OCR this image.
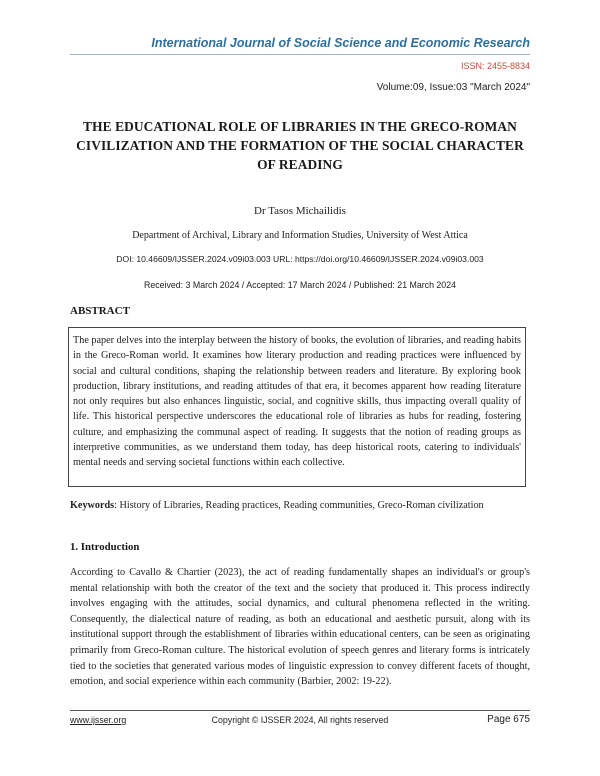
International Journal of Social Science and Economic Research
ISSN: 2455-8834
Volume:09, Issue:03 "March 2024"
THE EDUCATIONAL ROLE OF LIBRARIES IN THE GRECO-ROMAN CIVILIZATION AND THE FORMATION OF THE SOCIAL CHARACTER OF READING
Dr Tasos Michailidis
Department of Archival, Library and Information Studies, University of West Attica
DOI: 10.46609/IJSSER.2024.v09i03.003 URL: https://doi.org/10.46609/IJSSER.2024.v09i03.003
Received: 3 March 2024 / Accepted: 17 March 2024 / Published: 21 March 2024
ABSTRACT
The paper delves into the interplay between the history of books, the evolution of libraries, and reading habits in the Greco-Roman world. It examines how literary production and reading practices were influenced by social and cultural conditions, shaping the relationship between readers and literature. By exploring book production, library institutions, and reading attitudes of that era, it becomes apparent how reading literature not only requires but also enhances linguistic, social, and cognitive skills, thus impacting overall quality of life. This historical perspective underscores the educational role of libraries as hubs for reading, fostering culture, and emphasizing the communal aspect of reading. It suggests that the notion of reading groups as interpretive communities, as we understand them today, has deep historical roots, catering to individuals' mental needs and serving societal functions within each collective.
Keywords: History of Libraries, Reading practices, Reading communities, Greco-Roman civilization
1. Introduction
According to Cavallo & Chartier (2023), the act of reading fundamentally shapes an individual's or group's mental relationship with both the creator of the text and the society that produced it. This process indirectly involves engaging with the attitudes, social dynamics, and cultural phenomena reflected in the writing. Consequently, the dialectical nature of reading, as both an educational and aesthetic pursuit, along with its institutional support through the establishment of libraries within educational centers, can be seen as originating primarily from Greco-Roman culture. The historical evolution of speech genres and literary forms is intricately tied to the societies that generated various modes of linguistic expression to convey different facets of thought, emotion, and social experience within each community (Barbier, 2002: 19-22).
Copyright © IJSSER 2024, All rights reserved
www.ijsser.org	Page 675
